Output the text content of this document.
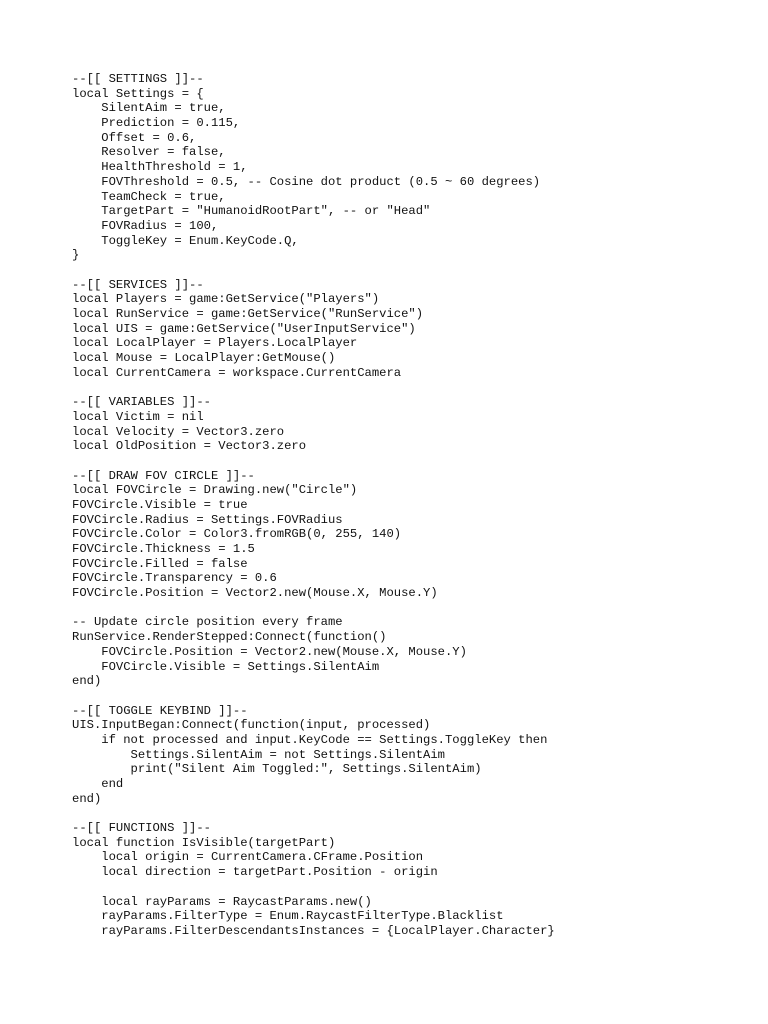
--[[ SETTINGS ]]--
local Settings = {
SilentAim = true,
Prediction = 0.115,
Offset = 0.6,
Resolver = false,
HealthThreshold = 1,
FOVThreshold = 0.5, -- Cosine dot product (0.5 ~ 60 degrees)
TeamCheck = true,
TargetPart = "HumanoidRootPart", -- or "Head"
FOVRadius = 100,
ToggleKey = Enum.KeyCode.Q,
}
--[[ SERVICES ]]--
local Players = game:GetService("Players")
local RunService = game:GetService("RunService")
local UIS = game:GetService("UserInputService")
local LocalPlayer = Players.LocalPlayer
local Mouse = LocalPlayer:GetMouse()
local CurrentCamera = workspace.CurrentCamera
--[[ VARIABLES ]]--
local Victim = nil
local Velocity = Vector3.zero
local OldPosition = Vector3.zero
--[[ DRAW FOV CIRCLE ]]--
local FOVCircle = Drawing.new("Circle")
FOVCircle.Visible = true
FOVCircle.Radius = Settings.FOVRadius
FOVCircle.Color = Color3.fromRGB(0, 255, 140)
FOVCircle.Thickness = 1.5
FOVCircle.Filled = false
FOVCircle.Transparency = 0.6
FOVCircle.Position = Vector2.new(Mouse.X, Mouse.Y)
-- Update circle position every frame
RunService.RenderStepped:Connect(function()
FOVCircle.Position = Vector2.new(Mouse.X, Mouse.Y)
FOVCircle.Visible = Settings.SilentAim
end)
--[[ TOGGLE KEYBIND ]]--
UIS.InputBegan:Connect(function(input, processed)
if not processed and input.KeyCode == Settings.ToggleKey then
Settings.SilentAim = not Settings.SilentAim
print("Silent Aim Toggled:", Settings.SilentAim)
end
end)
--[[ FUNCTIONS ]]--
local function IsVisible(targetPart)
local origin = CurrentCamera.CFrame.Position
local direction = targetPart.Position - origin
local rayParams = RaycastParams.new()
rayParams.FilterType = Enum.RaycastFilterType.Blacklist
rayParams.FilterDescendantsInstances = {LocalPlayer.Character}
